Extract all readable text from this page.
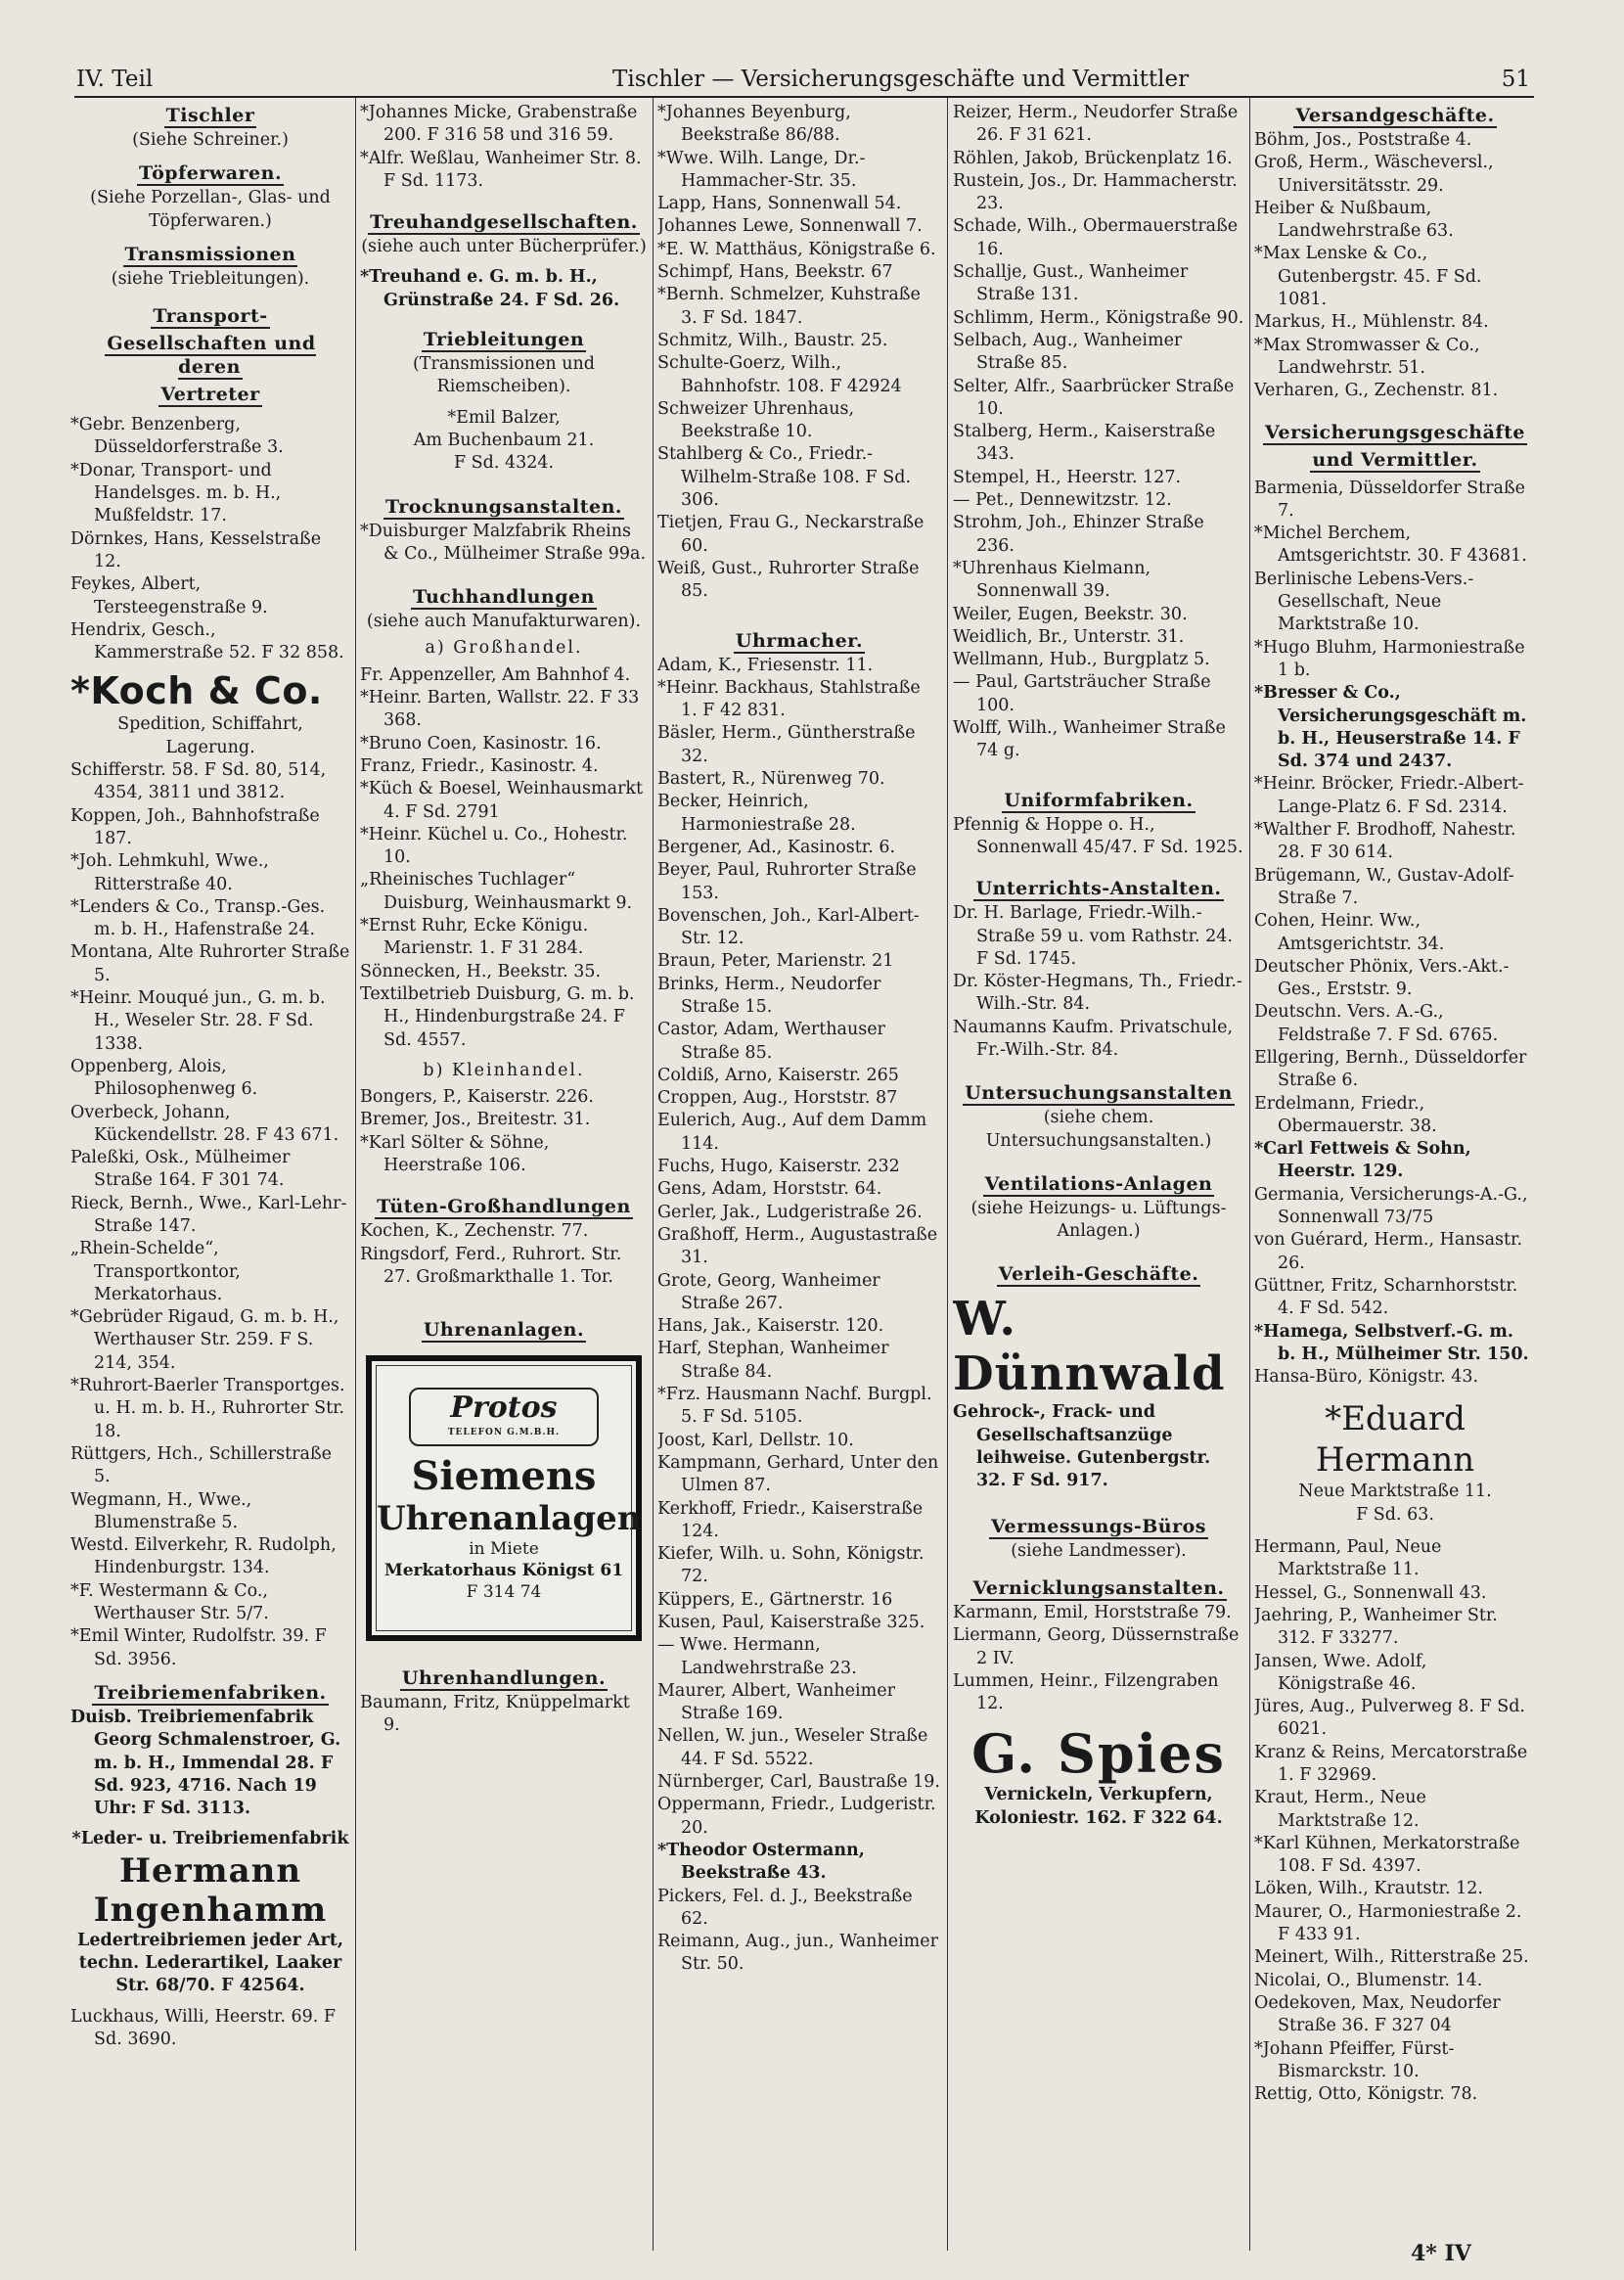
IV. Teil	Tischler — Versicherungsgeschäfte und Vermittler	51
Tischler
(Siehe Schreiner.)
Töpferwaren.
(Siehe Porzellan-, Glas- und Töpferwaren.)
Transmissionen
(siehe Triebleitungen).
Transport-
Gesellschaften und deren
Vertreter

*Gebr. Benzenberg, Düsseldorferstraße 3.

*Donar, Transport- und Handelsges. m. b. H., Mußfeldstr. 17.

Dörnkes, Hans, Kesselstraße 12.

Feykes, Albert, Tersteegenstraße 9.

Hendrix, Gesch., Kammerstraße 52. F 32 858.

*Koch & Co.

Spedition, Schiffahrt,

Lagerung.

Schifferstr. 58. F Sd. 80, 514, 4354, 3811 und 3812.

Koppen, Joh., Bahnhofstraße 187.

*Joh. Lehmkuhl, Wwe., Ritterstraße 40.

*Lenders & Co., Transp.-Ges. m. b. H., Hafenstraße 24.

Montana, Alte Ruhrorter Straße 5.

*Heinr. Mouqué jun., G. m. b. H., Weseler Str. 28. F Sd. 1338.

Oppenberg, Alois, Philosophenweg 6.

Overbeck, Johann, Kückendellstr. 28. F 43 671.

Paleßki, Osk., Mülheimer Straße 164. F 301 74.

Rieck, Bernh., Wwe., Karl-Lehr-Straße 147.

„Rhein-Schelde“, Transportkontor, Merkatorhaus.

*Gebrüder Rigaud, G. m. b. H., Werthauser Str. 259. F S. 214, 354.

*Ruhrort-Baerler Transportges. u. H. m. b. H., Ruhrorter Str. 18.

Rüttgers, Hch., Schillerstraße 5.

Wegmann, H., Wwe., Blumenstraße 5.

Westd. Eilverkehr, R. Rudolph, Hindenburgstr. 134.

*F. Westermann & Co., Werthauser Str. 5/7.

*Emil Winter, Rudolfstr. 39. F Sd. 3956.

Treibriemenfabriken.

Duisb. Treibriemenfabrik Georg Schmalenstroer, G. m. b. H., Immendal 28. F Sd. 923, 4716. Nach 19 Uhr: F Sd. 3113.

*Leder- u. Treibriemenfabrik

Hermann Ingenhamm

Ledertreibriemen jeder Art, techn. Lederartikel, Laaker Str. 68/70. F 42564.

Luckhaus, Willi, Heerstr. 69. F Sd. 3690.

*Johannes Micke, Grabenstraße 200. F 316 58 und 316 59.

*Alfr. Weßlau, Wanheimer Str. 8. F Sd. 1173.

Treuhandgesellschaften.
(siehe auch unter Bücherprüfer.)

*Treuhand e. G. m. b. H., Grünstraße 24. F Sd. 26.

Triebleitungen
(Transmissionen und Riemscheiben).

*Emil Balzer,

Am Buchenbaum 21.

F Sd. 4324.

Trocknungsanstalten.

*Duisburger Malzfabrik Rheins & Co., Mülheimer Straße 99a.

Tuchhandlungen
(siehe auch Manufakturwaren).

a) Großhandel.

Fr. Appenzeller, Am Bahnhof 4.

*Heinr. Barten, Wallstr. 22. F 33 368.

*Bruno Coen, Kasinostr. 16.

Franz, Friedr., Kasinostr. 4.

*Küch & Boesel, Weinhausmarkt 4. F Sd. 2791

*Heinr. Küchel u. Co., Hohestr. 10.

„Rheinisches Tuchlager“ Duisburg, Weinhausmarkt 9.

*Ernst Ruhr, Ecke Königu. Marienstr. 1. F 31 284.

Sönnecken, H., Beekstr. 35.

Textilbetrieb Duisburg, G. m. b. H., Hindenburgstraße 24. F Sd. 4557.

b) Kleinhandel.

Bongers, P., Kaiserstr. 226.

Bremer, Jos., Breitestr. 31.

*Karl Sölter & Söhne, Heerstraße 106.

Tüten-Großhandlungen

Kochen, K., Zechenstr. 77.

Ringsdorf, Ferd., Ruhrort. Str. 27. Großmarkthalle 1. Tor.

Uhrenanlagen.
Protos
TELEFON G.M.B.H.
Siemens
Uhrenanlagen
in Miete
Merkatorhaus Königst 61
F 314 74
Uhrenhandlungen.

Baumann, Fritz, Knüppelmarkt 9.

*Johannes Beyenburg, Beekstraße 86/88.

*Wwe. Wilh. Lange, Dr.-Hammacher-Str. 35.

Lapp, Hans, Sonnenwall 54.

Johannes Lewe, Sonnenwall 7.

*E. W. Matthäus, Königstraße 6.

Schimpf, Hans, Beekstr. 67

*Bernh. Schmelzer, Kuhstraße 3. F Sd. 1847.

Schmitz, Wilh., Baustr. 25.

Schulte-Goerz, Wilh., Bahnhofstr. 108. F 42924

Schweizer Uhrenhaus, Beekstraße 10.

Stahlberg & Co., Friedr.-Wilhelm-Straße 108. F Sd. 306.

Tietjen, Frau G., Neckarstraße 60.

Weiß, Gust., Ruhrorter Straße 85.

Uhrmacher.

Adam, K., Friesenstr. 11.

*Heinr. Backhaus, Stahlstraße 1. F 42 831.

Bäsler, Herm., Güntherstraße 32.

Bastert, R., Nürenweg 70.

Becker, Heinrich, Harmoniestraße 28.

Bergener, Ad., Kasinostr. 6.

Beyer, Paul, Ruhrorter Straße 153.

Bovenschen, Joh., Karl-Albert-Str. 12.

Braun, Peter, Marienstr. 21

Brinks, Herm., Neudorfer Straße 15.

Castor, Adam, Werthauser Straße 85.

Coldiß, Arno, Kaiserstr. 265

Croppen, Aug., Horststr. 87

Eulerich, Aug., Auf dem Damm 114.

Fuchs, Hugo, Kaiserstr. 232

Gens, Adam, Horststr. 64.

Gerler, Jak., Ludgeristraße 26.

Graßhoff, Herm., Augustastraße 31.

Grote, Georg, Wanheimer Straße 267.

Hans, Jak., Kaiserstr. 120.

Harf, Stephan, Wanheimer Straße 84.

*Frz. Hausmann Nachf. Burgpl. 5. F Sd. 5105.

Joost, Karl, Dellstr. 10.

Kampmann, Gerhard, Unter den Ulmen 87.

Kerkhoff, Friedr., Kaiserstraße 124.

Kiefer, Wilh. u. Sohn, Königstr. 72.

Küppers, E., Gärtnerstr. 16

Kusen, Paul, Kaiserstraße 325.

— Wwe. Hermann, Landwehrstraße 23.

Maurer, Albert, Wanheimer Straße 169.

Nellen, W. jun., Weseler Straße 44. F Sd. 5522.

Nürnberger, Carl, Baustraße 19.

Oppermann, Friedr., Ludgeristr. 20.

*Theodor Ostermann, Beekstraße 43.

Pickers, Fel. d. J., Beekstraße 62.

Reimann, Aug., jun., Wanheimer Str. 50.

Reizer, Herm., Neudorfer Straße 26. F 31 621.

Röhlen, Jakob, Brückenplatz 16.

Rustein, Jos., Dr. Hammacherstr. 23.

Schade, Wilh., Obermauerstraße 16.

Schallje, Gust., Wanheimer Straße 131.

Schlimm, Herm., Königstraße 90.

Selbach, Aug., Wanheimer Straße 85.

Selter, Alfr., Saarbrücker Straße 10.

Stalberg, Herm., Kaiserstraße 343.

Stempel, H., Heerstr. 127.

— Pet., Dennewitzstr. 12.

Strohm, Joh., Ehinzer Straße 236.

*Uhrenhaus Kielmann, Sonnenwall 39.

Weiler, Eugen, Beekstr. 30.

Weidlich, Br., Unterstr. 31.

Wellmann, Hub., Burgplatz 5.

— Paul, Gartsträucher Straße 100.

Wolff, Wilh., Wanheimer Straße 74 g.

Uniformfabriken.

Pfennig & Hoppe o. H., Sonnenwall 45/47. F Sd. 1925.

Unterrichts-Anstalten.

Dr. H. Barlage, Friedr.-Wilh.-Straße 59 u. vom Rathstr. 24. F Sd. 1745.

Dr. Köster-Hegmans, Th., Friedr.-Wilh.-Str. 84.

Naumanns Kaufm. Privatschule, Fr.-Wilh.-Str. 84.

Untersuchungsanstalten
(siehe chem. Untersuchungsanstalten.)
Ventilations-Anlagen
(siehe Heizungs- u. Lüftungs-Anlagen.)
Verleih-Geschäfte.
W. Dünnwald

Gehrock-, Frack- und Gesellschaftsanzüge leihweise. Gutenbergstr. 32. F Sd. 917.

Vermessungs-Büros
(siehe Landmesser).
Vernicklungsanstalten.

Karmann, Emil, Horststraße 79.

Liermann, Georg, Düssernstraße 2 IV.

Lummen, Heinr., Filzengraben 12.

G. Spies

Vernickeln, Verkupfern, Koloniestr. 162. F 322 64.

Versandgeschäfte.

Böhm, Jos., Poststraße 4.

Groß, Herm., Wäscheversl., Universitätsstr. 29.

Heiber & Nußbaum, Landwehrstraße 63.

*Max Lenske & Co., Gutenbergstr. 45. F Sd. 1081.

Markus, H., Mühlenstr. 84.

*Max Stromwasser & Co., Landwehrstr. 51.

Verharen, G., Zechenstr. 81.

Versicherungsgeschäfte
und Vermittler.

Barmenia, Düsseldorfer Straße 7.

*Michel Berchem, Amtsgerichtstr. 30. F 43681.

Berlinische Lebens-Vers.-Gesellschaft, Neue Marktstraße 10.

*Hugo Bluhm, Harmoniestraße 1 b.

*Bresser & Co., Versicherungsgeschäft m. b. H., Heuserstraße 14. F Sd. 374 und 2437.

*Heinr. Bröcker, Friedr.-Albert-Lange-Platz 6. F Sd. 2314.

*Walther F. Brodhoff, Nahestr. 28. F 30 614.

Brügemann, W., Gustav-Adolf-Straße 7.

Cohen, Heinr. Ww., Amtsgerichtstr. 34.

Deutscher Phönix, Vers.-Akt.-Ges., Erststr. 9.

Deutschn. Vers. A.-G., Feldstraße 7. F Sd. 6765.

Ellgering, Bernh., Düsseldorfer Straße 6.

Erdelmann, Friedr., Obermauerstr. 38.

*Carl Fettweis & Sohn, Heerstr. 129.

Germania, Versicherungs-A.-G., Sonnenwall 73/75

von Guérard, Herm., Hansastr. 26.

Güttner, Fritz, Scharnhorststr. 4. F Sd. 542.

*Hamega, Selbstverf.-G. m. b. H., Mülheimer Str. 150.

Hansa-Büro, Königstr. 43.

*Eduard Hermann

Neue Marktstraße 11.

F Sd. 63.

Hermann, Paul, Neue Marktstraße 11.

Hessel, G., Sonnenwall 43.

Jaehring, P., Wanheimer Str. 312. F 33277.

Jansen, Wwe. Adolf, Königstraße 46.

Jüres, Aug., Pulverweg 8. F Sd. 6021.

Kranz & Reins, Mercatorstraße 1. F 32969.

Kraut, Herm., Neue Marktstraße 12.

*Karl Kühnen, Merkatorstraße 108. F Sd. 4397.

Löken, Wilh., Krautstr. 12.

Maurer, O., Harmoniestraße 2. F 433 91.

Meinert, Wilh., Ritterstraße 25.

Nicolai, O., Blumenstr. 14.

Oedekoven, Max, Neudorfer Straße 36. F 327 04

*Johann Pfeiffer, Fürst-Bismarckstr. 10.

Rettig, Otto, Königstr. 78.

4* IV
